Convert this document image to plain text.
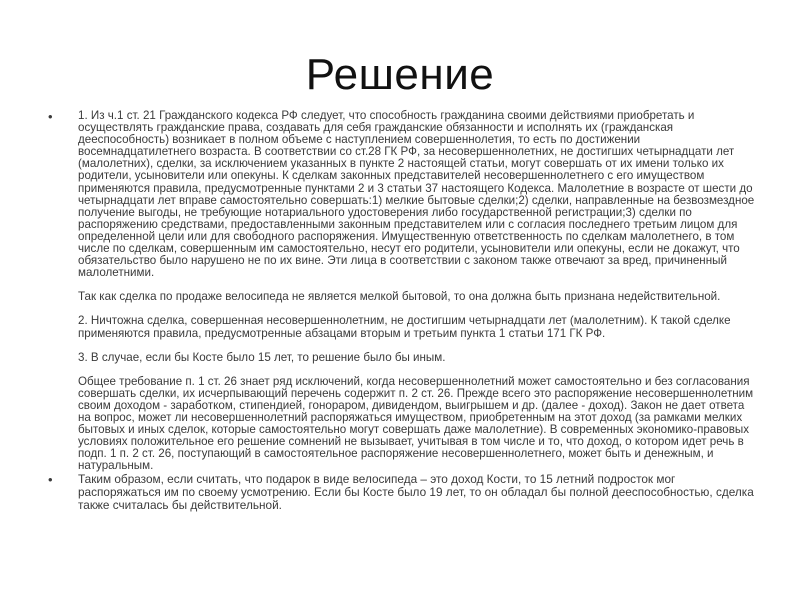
Решение
• 1. Из ч.1 ст. 21 Гражданского кодекса РФ следует, что способность гражданина своими действиями приобретать и осуществлять гражданские права, создавать для себя гражданские обязанности и исполнять их (гражданская дееспособность) возникает в полном объеме с наступлением совершеннолетия, то есть по достижении восемнадцатилетнего возраста. В соответствии со ст.28 ГК РФ, за несовершеннолетних, не достигших четырнадцати лет (малолетних), сделки, за исключением указанных в пункте 2 настоящей статьи, могут совершать от их имени только их родители, усыновители или опекуны. К сделкам законных представителей несовершеннолетнего с его имуществом применяются правила, предусмотренные пунктами 2 и 3 статьи 37 настоящего Кодекса. Малолетние в возрасте от шести до четырнадцати лет вправе самостоятельно совершать:1) мелкие бытовые сделки;2) сделки, направленные на безвозмездное получение выгоды, не требующие нотариального удостоверения либо государственной регистрации;3) сделки по распоряжению средствами, предоставленными законным представителем или с согласия последнего третьим лицом для определенной цели или для свободного распоряжения. Имущественную ответственность по сделкам малолетнего, в том числе по сделкам, совершенным им самостоятельно, несут его родители, усыновители или опекуны, если не докажут, что обязательство было нарушено не по их вине. Эти лица в соответствии с законом также отвечают за вред, причиненный малолетними.

Так как сделка по продаже велосипеда не является мелкой бытовой, то она должна быть признана недействительной.

2. Ничтожна сделка, совершенная несовершеннолетним, не достигшим четырнадцати лет (малолетним). К такой сделке применяются правила, предусмотренные абзацами вторым и третьим пункта 1 статьи 171 ГК РФ.

3. В случае, если бы Косте было 15 лет, то решение было бы иным.

Общее требование п. 1 ст. 26 знает ряд исключений, когда несовершеннолетний может самостоятельно и без согласования совершать сделки, их исчерпывающий перечень содержит п. 2 ст. 26. Прежде всего это распоряжение несовершеннолетним своим доходом - заработком, стипендией, гонораром, дивидендом, выигрышем и др. (далее - доход). Закон не дает ответа на вопрос, может ли несовершеннолетний распоряжаться имуществом, приобретенным на этот доход (за рамками мелких бытовых и иных сделок, которые самостоятельно могут совершать даже малолетние). В современных экономико-правовых условиях положительное его решение сомнений не вызывает, учитывая в том числе и то, что доход, о котором идет речь в подп. 1 п. 2 ст. 26, поступающий в самостоятельное распоряжение несовершеннолетнего, может быть и денежным, и натуральным.

• Таким образом, если считать, что подарок в виде велосипеда – это доход Кости, то 15 летний подросток мог распоряжаться им по своему усмотрению. Если бы Косте было 19 лет, то он обладал бы полной дееспособностью, сделка также считалась бы действительной.
